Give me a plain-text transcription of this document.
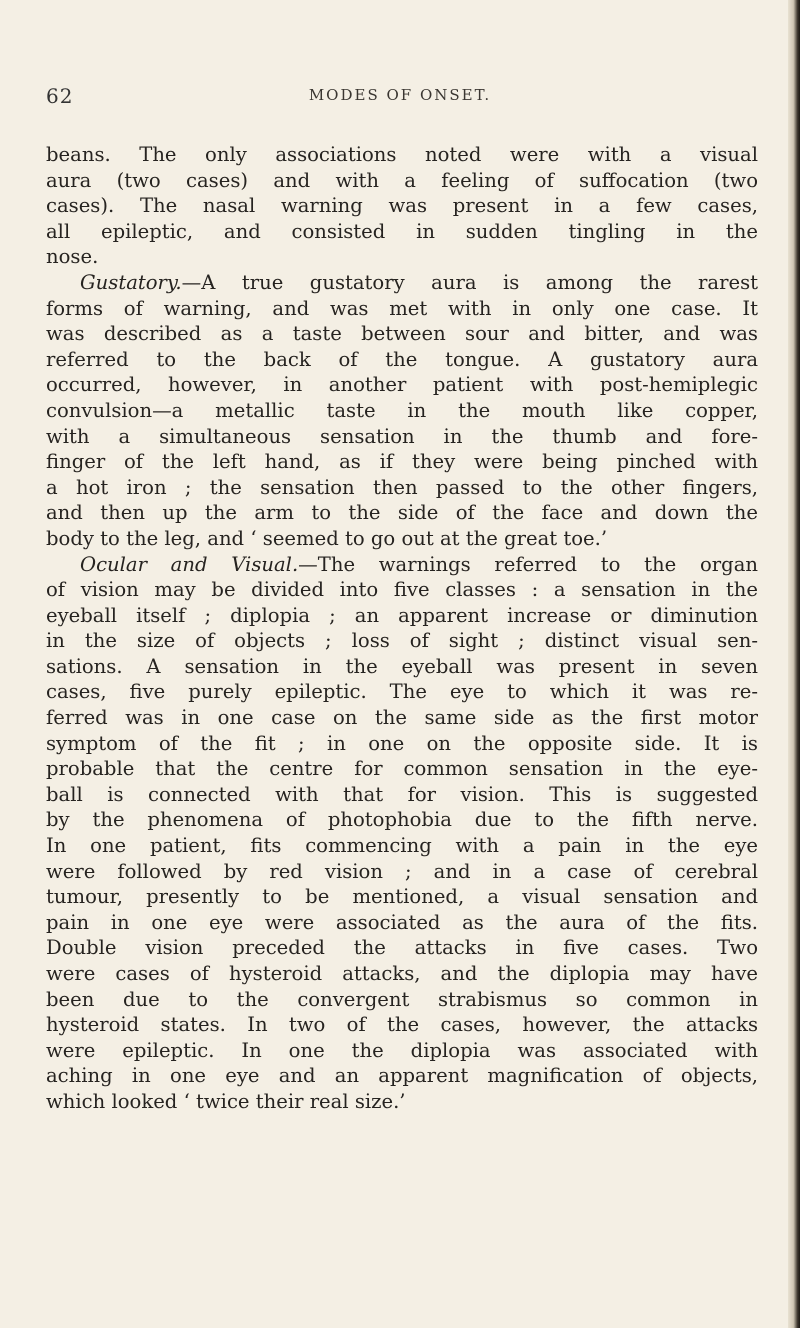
62	MODES OF ONSET.
beans. The only associations noted were with a visual
aura (two cases) and with a feeling of suffocation (two
cases). The nasal warning was present in a few cases,
all epileptic, and consisted in sudden tingling in the
nose.
Gustatory.—A true gustatory aura is among the rarest
forms of warning, and was met with in only one case. It
was described as a taste between sour and bitter, and was
referred to the back of the tongue. A gustatory aura
occurred, however, in another patient with post-hemiplegic
convulsion—a metallic taste in the mouth like copper,
with a simultaneous sensation in the thumb and fore-
finger of the left hand, as if they were being pinched with
a hot iron ; the sensation then passed to the other fingers,
and then up the arm to the side of the face and down the
body to the leg, and ‘ seemed to go out at the great toe.’
Ocular and Visual.—The warnings referred to the organ
of vision may be divided into five classes : a sensation in the
eyeball itself ; diplopia ; an apparent increase or diminution
in the size of objects ; loss of sight ; distinct visual sen-
sations. A sensation in the eyeball was present in seven
cases, five purely epileptic. The eye to which it was re-
ferred was in one case on the same side as the first motor
symptom of the fit ; in one on the opposite side. It is
probable that the centre for common sensation in the eye-
ball is connected with that for vision. This is suggested
by the phenomena of photophobia due to the fifth nerve.
In one patient, fits commencing with a pain in the eye
were followed by red vision ; and in a case of cerebral
tumour, presently to be mentioned, a visual sensation and
pain in one eye were associated as the aura of the fits.
Double vision preceded the attacks in five cases. Two
were cases of hysteroid attacks, and the diplopia may have
been due to the convergent strabismus so common in
hysteroid states. In two of the cases, however, the attacks
were epileptic. In one the diplopia was associated with
aching in one eye and an apparent magnification of objects,
which looked ‘ twice their real size.’
